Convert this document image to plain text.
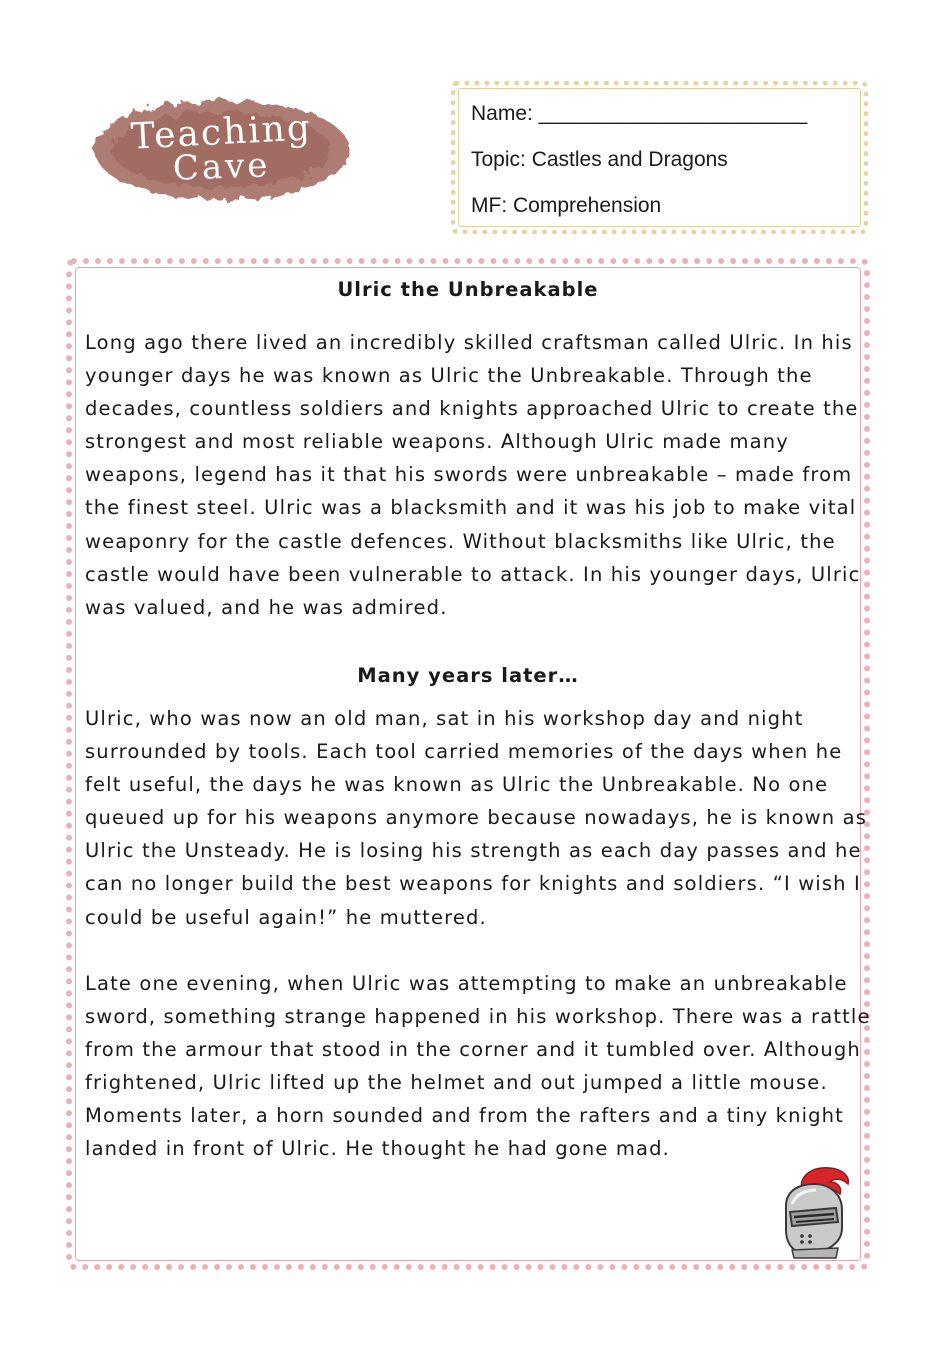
Teaching
Cave
Name: _______________________
Topic: Castles and Dragons
MF: Comprehension
Ulric the Unbreakable

Long ago there lived an incredibly skilled craftsman called Ulric. In his younger days he was known as Ulric the Unbreakable. Through the decades, countless soldiers and knights approached Ulric to create the strongest and most reliable weapons. Although Ulric made many weapons, legend has it that his swords were unbreakable – made from the finest steel. Ulric was a blacksmith and it was his job to make vital weaponry for the castle defences. Without blacksmiths like Ulric, the castle would have been vulnerable to attack. In his younger days, Ulric was valued, and he was admired.

Many years later…

Ulric, who was now an old man, sat in his workshop day and night surrounded by tools. Each tool carried memories of the days when he felt useful, the days he was known as Ulric the Unbreakable. No one queued up for his weapons anymore because nowadays, he is known as Ulric the Unsteady. He is losing his strength as each day passes and he can no longer build the best weapons for knights and soldiers. “I wish I could be useful again!” he muttered.

Late one evening, when Ulric was attempting to make an unbreakable sword, something strange happened in his workshop. There was a rattle from the armour that stood in the corner and it tumbled over. Although frightened, Ulric lifted up the helmet and out jumped a little mouse. Moments later, a horn sounded and from the rafters and a tiny knight landed in front of Ulric. He thought he had gone mad.
